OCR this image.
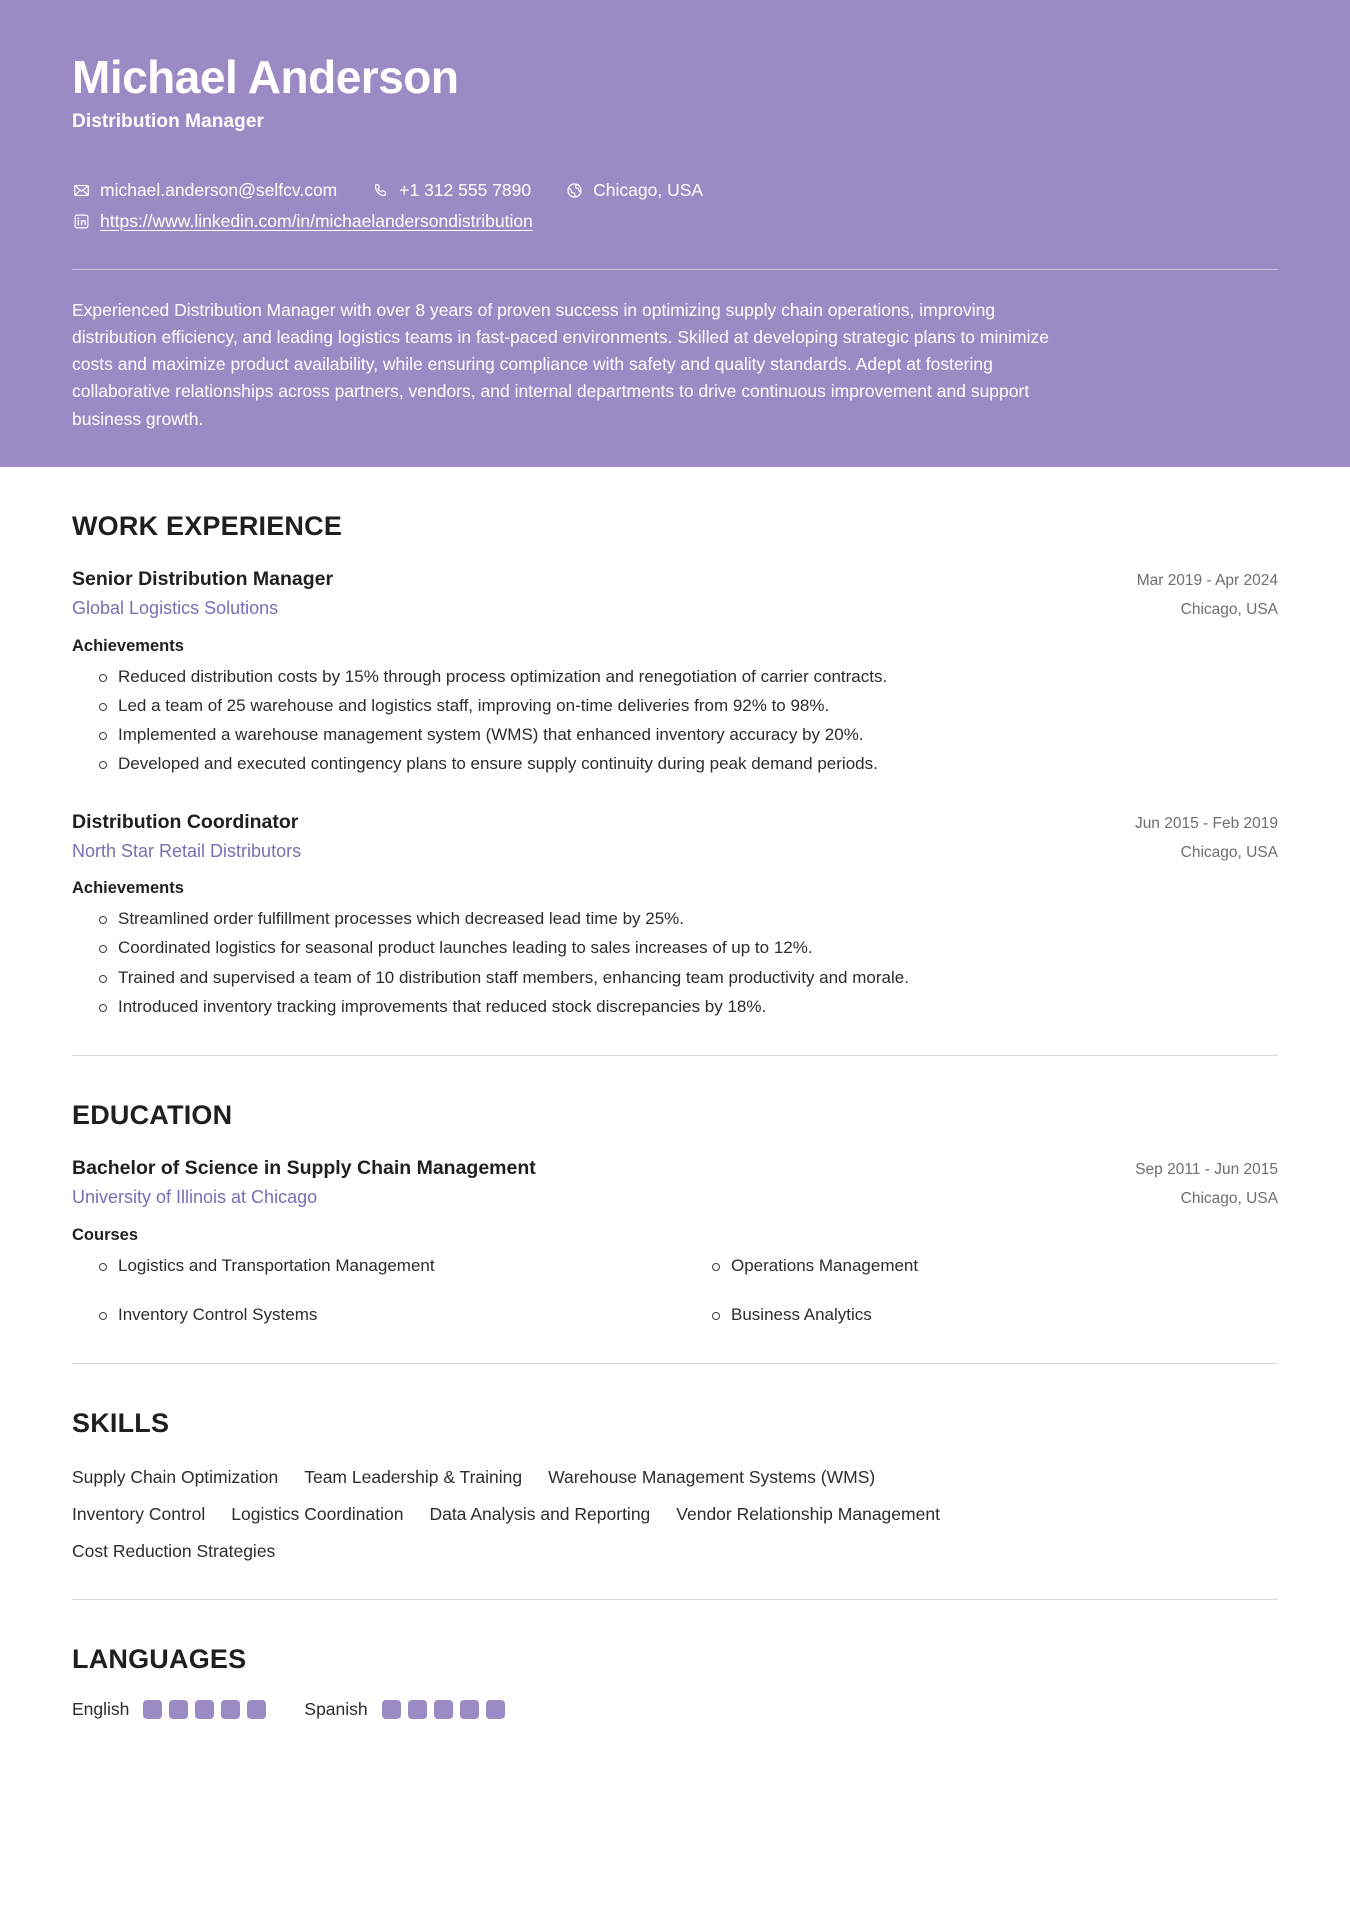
Michael Anderson
Distribution Manager
michael.anderson@selfcv.com	+1 312 555 7890	Chicago, USA
https://www.linkedin.com/in/michaelandersondistribution

Experienced Distribution Manager with over 8 years of proven success in optimizing supply chain operations, improving distribution efficiency, and leading logistics teams in fast-paced environments. Skilled at developing strategic plans to minimize costs and maximize product availability, while ensuring compliance with safety and quality standards. Adept at fostering collaborative relationships across partners, vendors, and internal departments to drive continuous improvement and support business growth.

WORK EXPERIENCE
Senior Distribution Manager	Mar 2019 - Apr 2024
Global Logistics Solutions	Chicago, USA
Achievements
Reduced distribution costs by 15% through process optimization and renegotiation of carrier contracts.
Led a team of 25 warehouse and logistics staff, improving on-time deliveries from 92% to 98%.
Implemented a warehouse management system (WMS) that enhanced inventory accuracy by 20%.
Developed and executed contingency plans to ensure supply continuity during peak demand periods.
Distribution Coordinator	Jun 2015 - Feb 2019
North Star Retail Distributors	Chicago, USA
Achievements
Streamlined order fulfillment processes which decreased lead time by 25%.
Coordinated logistics for seasonal product launches leading to sales increases of up to 12%.
Trained and supervised a team of 10 distribution staff members, enhancing team productivity and morale.
Introduced inventory tracking improvements that reduced stock discrepancies by 18%.
EDUCATION
Bachelor of Science in Supply Chain Management	Sep 2011 - Jun 2015
University of Illinois at Chicago	Chicago, USA
Courses
Logistics and Transportation Management	Operations Management
Inventory Control Systems	Business Analytics
SKILLS
Supply Chain Optimization Team Leadership & Training Warehouse Management Systems (WMS)
Inventory Control Logistics Coordination Data Analysis and Reporting Vendor Relationship Management
Cost Reduction Strategies
LANGUAGES
English	Spanish
